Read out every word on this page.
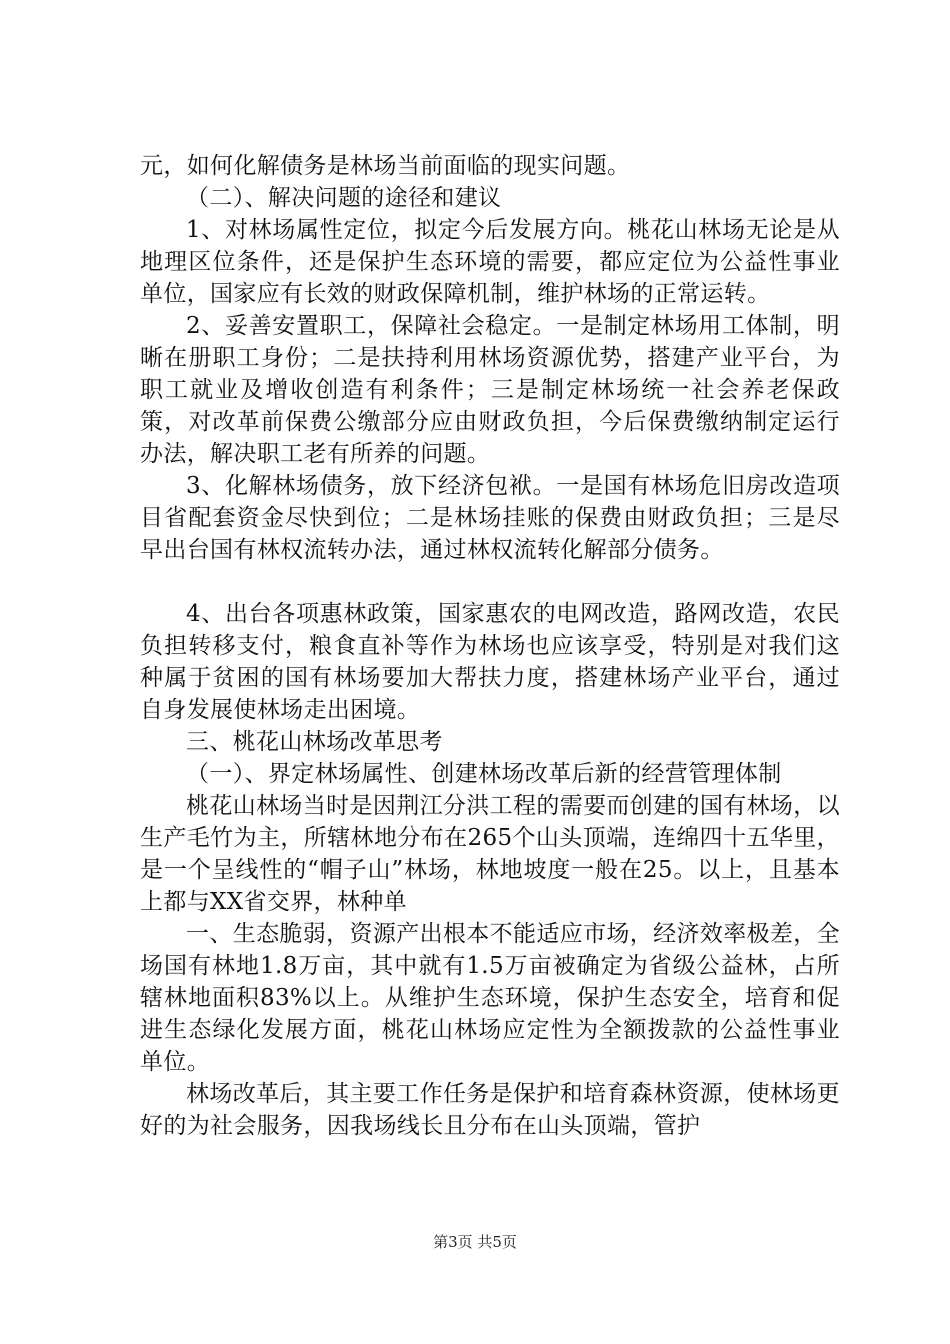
元，如何化解债务是林场当前面临的现实问题。

（二）、解决问题的途径和建议

1、对林场属性定位，拟定今后发展方向。桃花山林场无论是从地理区位条件，还是保护生态环境的需要，都应定位为公益性事业单位，国家应有长效的财政保障机制，维护林场的正常运转。

2、妥善安置职工，保障社会稳定。一是制定林场用工体制，明晰在册职工身份；二是扶持利用林场资源优势，搭建产业平台，为职工就业及增收创造有利条件；三是制定林场统一社会养老保政策，对改革前保费公缴部分应由财政负担，今后保费缴纳制定运行办法，解决职工老有所养的问题。

3、化解林场债务，放下经济包袱。一是国有林场危旧房改造项目省配套资金尽快到位；二是林场挂账的保费由财政负担；三是尽早出台国有林权流转办法，通过林权流转化解部分债务。

4、出台各项惠林政策，国家惠农的电网改造，路网改造，农民负担转移支付，粮食直补等作为林场也应该享受，特别是对我们这种属于贫困的国有林场要加大帮扶力度，搭建林场产业平台，通过自身发展使林场走出困境。

三、桃花山林场改革思考

（一）、界定林场属性、创建林场改革后新的经营管理体制

桃花山林场当时是因荆江分洪工程的需要而创建的国有林场，以生产毛竹为主，所辖林地分布在265个山头顶端，连绵四十五华里，是一个呈线性的“帽子山”林场，林地坡度一般在25。以上，且基本上都与XX省交界，林种单

一、生态脆弱，资源产出根本不能适应市场，经济效率极差，全场国有林地1.8万亩，其中就有1.5万亩被确定为省级公益林，占所辖林地面积83%以上。从维护生态环境，保护生态安全，培育和促进生态绿化发展方面，桃花山林场应定性为全额拨款的公益性事业单位。

林场改革后，其主要工作任务是保护和培育森林资源，使林场更好的为社会服务，因我场线长且分布在山头顶端，管护

第3页 共5页
